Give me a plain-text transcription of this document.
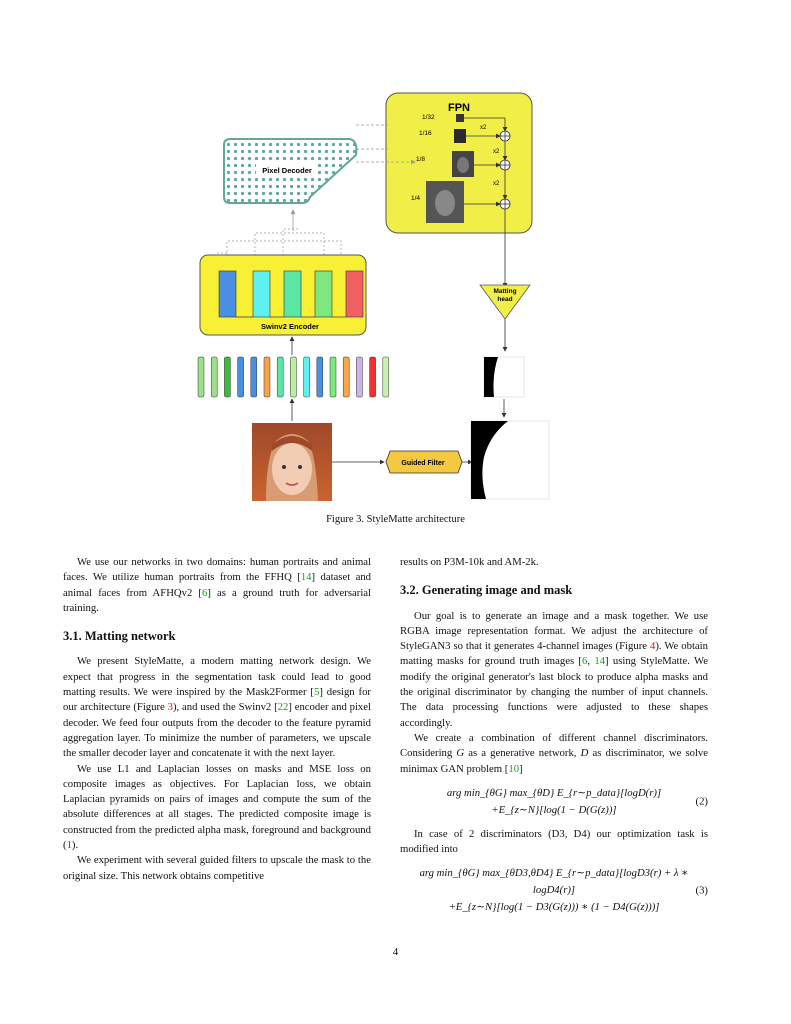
FPN
1/32
1/16
1/8
1/4
x2
x2
x2
Pixel Decoder
Swinv2 Encoder
Guided Filter
Matting
head
Figure 3. StyleMatte architecture

We use our networks in two domains: human portraits and animal faces. We utilize human portraits from the FFHQ [14] dataset and animal faces from AFHQv2 [6] as a ground truth for adversarial training.

3.1. Matting network

We present StyleMatte, a modern matting network design. We expect that progress in the segmentation task could lead to good matting results. We were inspired by the Mask2Former [5] design for our architecture (Figure 3), and used the Swinv2 [22] encoder and pixel decoder. We feed four outputs from the decoder to the feature pyramid aggregation layer. To minimize the number of parameters, we upscale the smaller decoder layer and concatenate it with the next layer.

We use L1 and Laplacian losses on masks and MSE loss on composite images as objectives. For Laplacian loss, we obtain Laplacian pyramids on pairs of images and compute the sum of the absolute differences at all stages. The predicted composite image is constructed from the predicted alpha mask, foreground and background (1).

We experiment with several guided filters to upscale the mask to the original size. This network obtains competitive

results on P3M-10k and AM-2k.

3.2. Generating image and mask

Our goal is to generate an image and a mask together. We use RGBA image representation format. We adjust the architecture of StyleGAN3 so that it generates 4-channel images (Figure 4). We obtain matting masks for ground truth images [6, 14] using StyleMatte. We modify the original generator's last block to produce alpha masks and the original discriminator by changing the number of input channels. The data processing functions were adjusted to these shapes accordingly.

We create a combination of different channel discriminators. Considering G as a generative network, D as discriminator, we solve minimax GAN problem [10]

arg min_{θG} max_{θD} E_{r∼p_data}[logD(r)]
+E_{z∼N}[log(1 − D(G(z))]
(2)

In case of 2 discriminators (D3, D4) our optimization task is modified into

arg min_{θG} max_{θD3,θD4} E_{r∼p_data}[logD3(r) + λ ∗ logD4(r)]
+E_{z∼N}[log(1 − D3(G(z))) ∗ (1 − D4(G(z)))]
(3)
4
